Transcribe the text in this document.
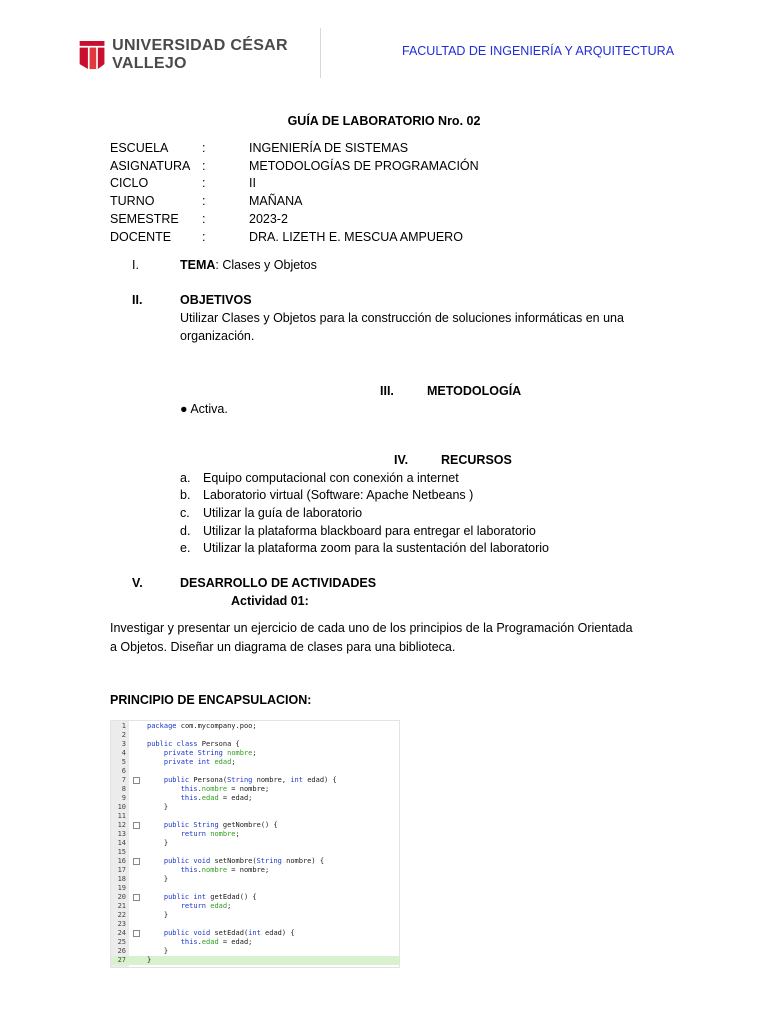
UNIVERSIDAD CÉSAR VALLEJO
FACULTAD DE INGENIERÍA Y ARQUITECTURA
GUÍA DE LABORATORIO Nro. 02
ESCUELA	:	INGENIERÍA DE SISTEMAS
ASIGNATURA :	METODOLOGÍAS DE PROGRAMACIÓN
CICLO	:	II
TURNO	:	MAÑANA
SEMESTRE :	2023-2
DOCENTE :	DRA. LIZETH E. MESCUA AMPUERO
I.	TEMA: Clases y Objetos
II.	OBJETIVOS
Utilizar Clases y Objetos para la construcción de soluciones informáticas en una
organización.
III.	METODOLOGÍA
● Activa.
IV.	RECURSOS
a. Equipo computacional con conexión a internet
b. Laboratorio virtual (Software: Apache Netbeans )
c. Utilizar la guía de laboratorio
d. Utilizar la plataforma blackboard para entregar el laboratorio
e. Utilizar la plataforma zoom para la sustentación del laboratorio
V.	DESARROLLO DE ACTIVIDADES
Actividad 01:
Investigar y presentar un ejercicio de cada uno de los principios de la Programación Orientada
a Objetos. Diseñar un diagrama de clases para una biblioteca.
PRINCIPIO DE ENCAPSULACION:
1	package com.mycompany.poo;
2
3	public class Persona {
4	private String nombre;
5	private int edad;
6
7	public Persona(String nombre, int edad) {
8	this.nombre = nombre;
9	this.edad = edad;
10	}
11
12	public String getNombre() {
13	return nombre;
14	}
15
16	public void setNombre(String nombre) {
17	this.nombre = nombre;
18	}
19
20	public int getEdad() {
21	return edad;
22	}
23
24	public void setEdad(int edad) {
25	this.edad = edad;
26	}
27	}
